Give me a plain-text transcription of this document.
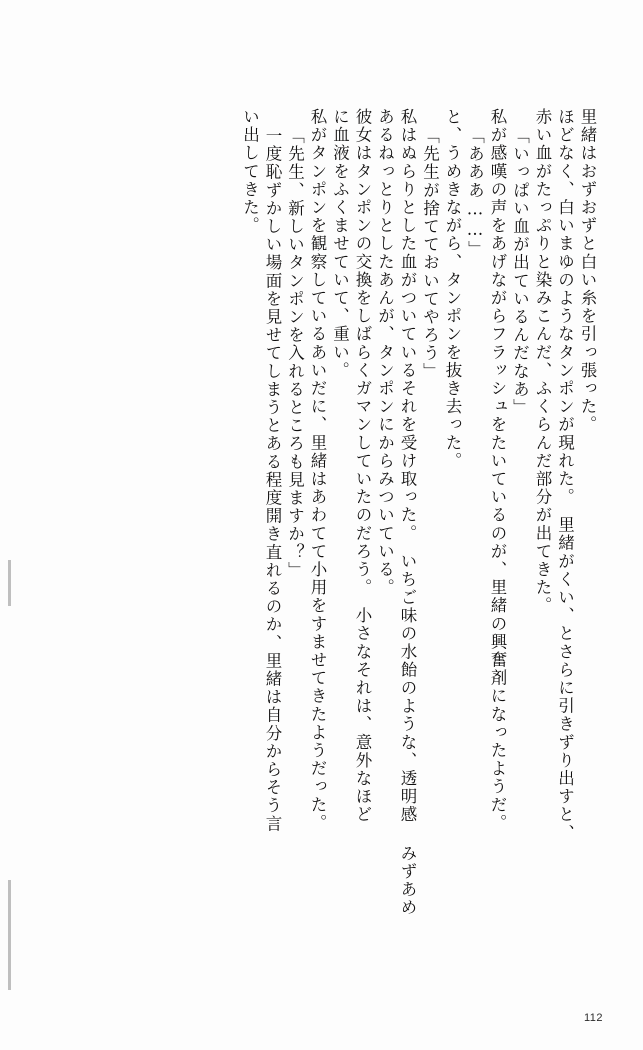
里緒はおずおずと白い糸を引っ張った。
ほどなく、白いまゆのようなタンポンが現れた。　里緒がくい、とさらに引きずり出すと、
赤い血がたっぷりと染みこんだ、ふくらんだ部分が出てきた。
「いっぱい血が出ているんだなあ」
私が感嘆の声をあげながらフラッシュをたいているのが、里緒の興奮剤になったようだ。
「あああ……」
と、うめきながら、タンポンを抜き去った。
「先生が捨てておいてやろう」
私はぬらりとした血がついているそれを受け取った。　いちご味の水飴のような、透明感 みずあめ
あるねっとりとしたあんが、タンポンにからみついている。
彼女はタンポンの交換をしばらくガマンしていたのだろう。　小さなそれは、意外なほど
に血液をふくませていて、重い。
私がタンポンを観察しているあいだに、里緒はあわてて小用をすませてきたようだった。
「先生、新しいタンポンを入れるところも見ますか？」
一度恥ずかしい場面を見せてしまうとある程度開き直れるのか、里緒は自分からそう言
い出してきた。
112
